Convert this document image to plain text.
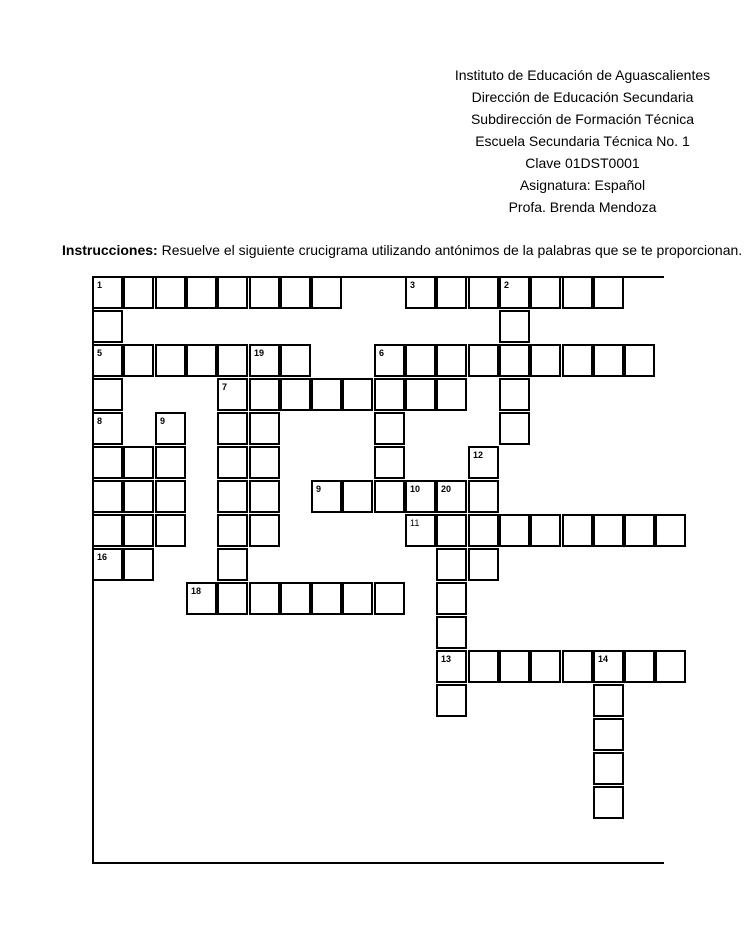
Instituto de Educación de Aguascalientes
Dirección de Educación Secundaria
Subdirección de Formación Técnica
Escuela Secundaria Técnica No. 1
Clave 01DST0001
Asignatura: Español
Profa. Brenda Mendoza
Instrucciones: Resuelve el siguiente crucigrama utilizando antónimos de la palabras que se te proporcionan.
1	3	2
5	19	6
7
8	9
12
9	10 20
11
16
18
13	14
